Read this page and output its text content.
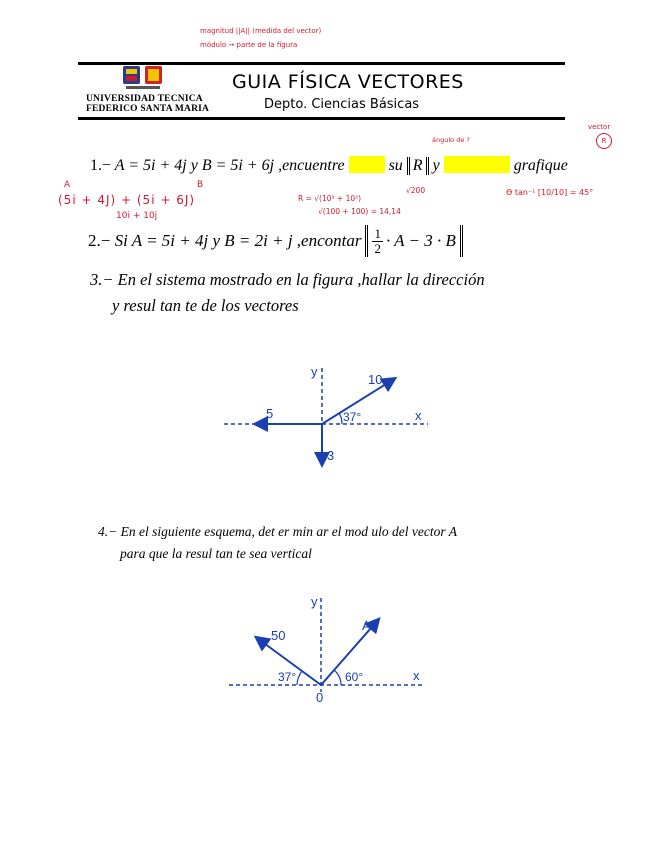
magnitud ||A|| (medida del vector)
módulo → parte de la figura
UNIVERSIDAD TECNICA
FEDERICO SANTA MARIA
GUIA FÍSICA VECTORES
Depto. Ciencias Básicas
ángulo de ?
vector
R
1.− A = 5i + 4j y B = 5i + 6j ,encuentre	su R y	grafique
A	B
(5i + 4J) + (5i + 6J)
10i + 10j
R = √(10² + 10²)
√200
√(100 + 100) = 14,14
Ɵ tan⁻¹ [10/10] = 45°
2.−
Si A = 5i + 4j y B = 2i + j ,encontar 1
2 · A − 3 · B
3.− En el sistema mostrado en la figura ,hallar la dirección
y resul tan te de los vectores
10
5
3
37°	x
y
4.− En el siguiente esquema, det er min ar el mod ulo del vector A
para que la resul tan te sea vertical
50
A
37°	60°
0
x
y
